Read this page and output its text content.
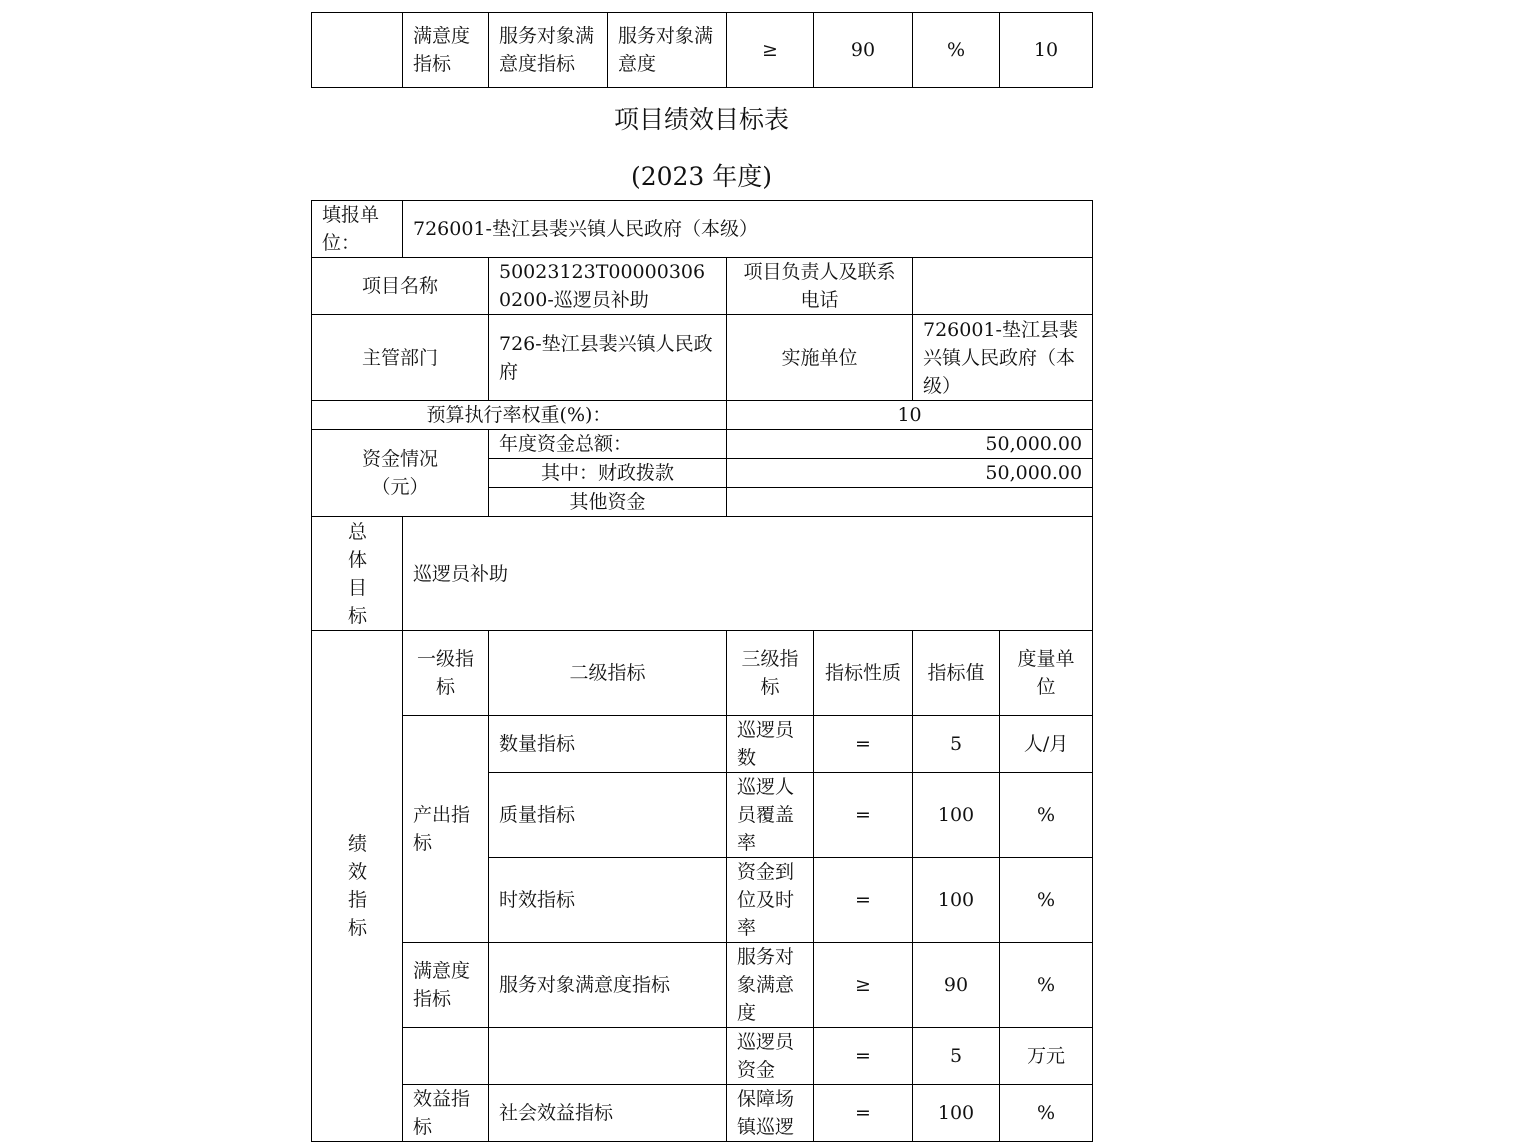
	满意度指标	服务对象满意度指标	服务对象满意度	≥	90	%	10
项目绩效目标表
(2023 年度)
填报单位：	726001-垫江县裴兴镇人民政府（本级）						
项目名称		50023123T000003060200-巡逻员补助	项目负责人及联系电话				
主管部门		726-垫江县裴兴镇人民政府	实施单位		726001-垫江县裴兴镇人民政府（本级）		
预算执行率权重(%)：			10				
资金情况（元）		年度资金总额：	50,000.00				
		其中：财政拨款	50,000.00				
		其他资金					
总体目标	巡逻员补助						
绩效指标	一级指标	二级指标	三级指标	指标性质	指标值	度量单位	
	产出指标	数量指标	巡逻员数	=	5	人/月	
		质量指标	巡逻人员覆盖率	=	100	%	
		时效指标	资金到位及时率	=	100	%	
	满意度指标	服务对象满意度指标	服务对象满意度	≥	90	%	
			巡逻员资金	=	5	万元	
	效益指标	社会效益指标	保障场镇巡逻	=	100	%	
